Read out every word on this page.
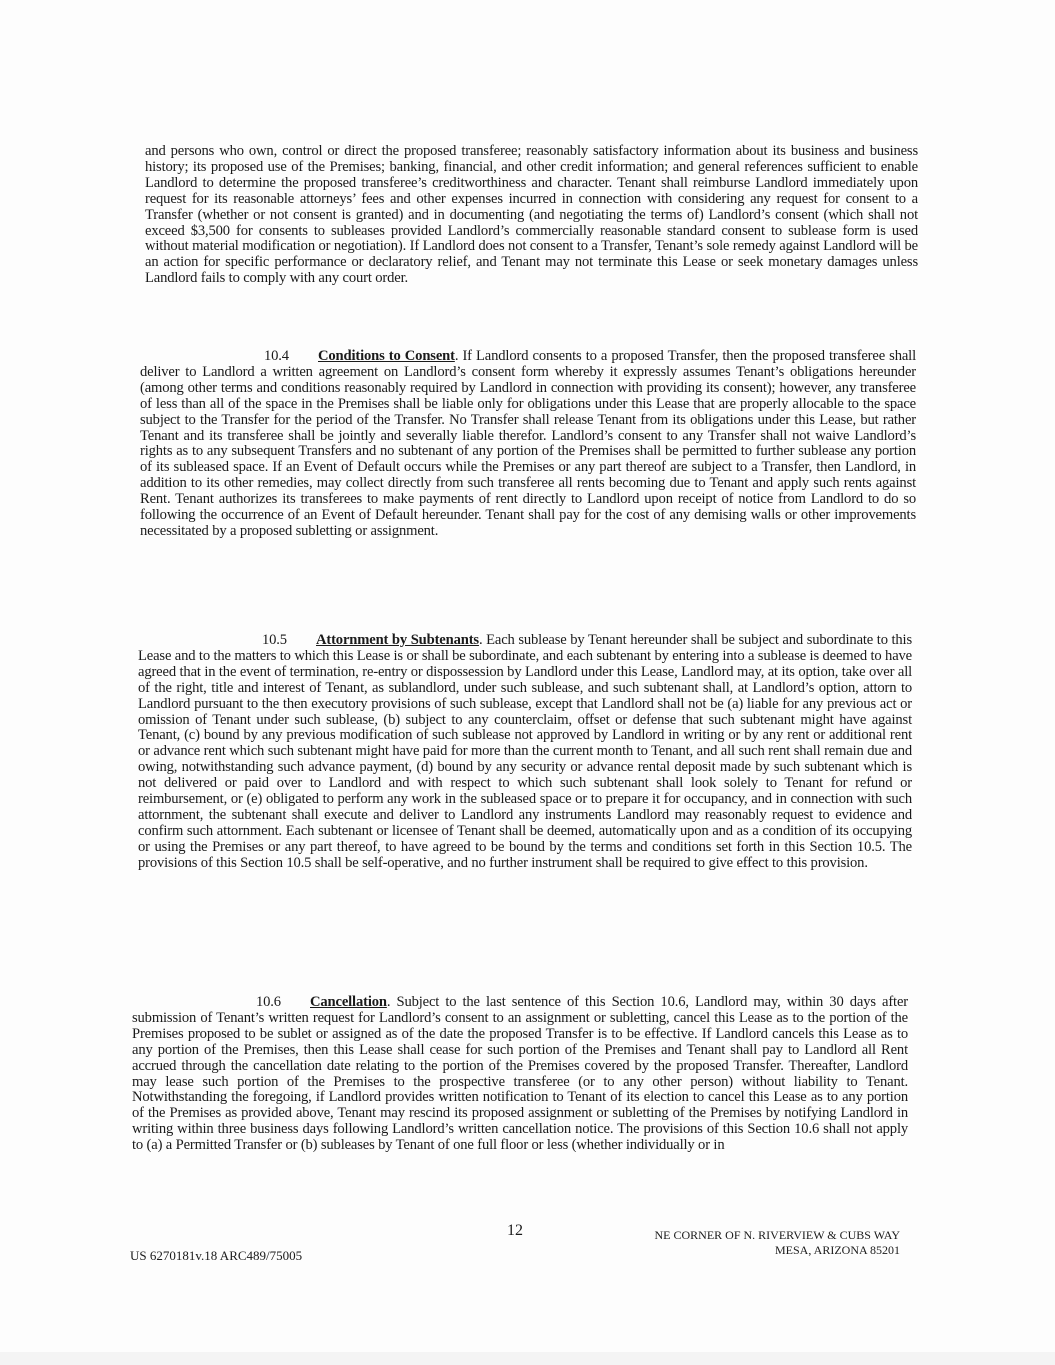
and persons who own, control or direct the proposed transferee; reasonably satisfactory information about its business and business history; its proposed use of the Premises; banking, financial, and other credit information; and general references sufficient to enable Landlord to determine the proposed transferee’s creditworthiness and character. Tenant shall reimburse Landlord immediately upon request for its reasonable attorneys’ fees and other expenses incurred in connection with considering any request for consent to a Transfer (whether or not consent is granted) and in documenting (and negotiating the terms of) Landlord’s consent (which shall not exceed $3,500 for consents to subleases provided Landlord’s commercially reasonable standard consent to sublease form is used without material modification or negotiation). If Landlord does not consent to a Transfer, Tenant’s sole remedy against Landlord will be an action for specific performance or declaratory relief, and Tenant may not terminate this Lease or seek monetary damages unless Landlord fails to comply with any court order.
10.4 Conditions to Consent. If Landlord consents to a proposed Transfer, then the proposed transferee shall deliver to Landlord a written agreement on Landlord’s consent form whereby it expressly assumes Tenant’s obligations hereunder (among other terms and conditions reasonably required by Landlord in connection with providing its consent); however, any transferee of less than all of the space in the Premises shall be liable only for obligations under this Lease that are properly allocable to the space subject to the Transfer for the period of the Transfer. No Transfer shall release Tenant from its obligations under this Lease, but rather Tenant and its transferee shall be jointly and severally liable therefor. Landlord’s consent to any Transfer shall not waive Landlord’s rights as to any subsequent Transfers and no subtenant of any portion of the Premises shall be permitted to further sublease any portion of its subleased space. If an Event of Default occurs while the Premises or any part thereof are subject to a Transfer, then Landlord, in addition to its other remedies, may collect directly from such transferee all rents becoming due to Tenant and apply such rents against Rent. Tenant authorizes its transferees to make payments of rent directly to Landlord upon receipt of notice from Landlord to do so following the occurrence of an Event of Default hereunder. Tenant shall pay for the cost of any demising walls or other improvements necessitated by a proposed subletting or assignment.
10.5 Attornment by Subtenants. Each sublease by Tenant hereunder shall be subject and subordinate to this Lease and to the matters to which this Lease is or shall be subordinate, and each subtenant by entering into a sublease is deemed to have agreed that in the event of termination, re-entry or dispossession by Landlord under this Lease, Landlord may, at its option, take over all of the right, title and interest of Tenant, as sublandlord, under such sublease, and such subtenant shall, at Landlord’s option, attorn to Landlord pursuant to the then executory provisions of such sublease, except that Landlord shall not be (a) liable for any previous act or omission of Tenant under such sublease, (b) subject to any counterclaim, offset or defense that such subtenant might have against Tenant, (c) bound by any previous modification of such sublease not approved by Landlord in writing or by any rent or additional rent or advance rent which such subtenant might have paid for more than the current month to Tenant, and all such rent shall remain due and owing, notwithstanding such advance payment, (d) bound by any security or advance rental deposit made by such subtenant which is not delivered or paid over to Landlord and with respect to which such subtenant shall look solely to Tenant for refund or reimbursement, or (e) obligated to perform any work in the subleased space or to prepare it for occupancy, and in connection with such attornment, the subtenant shall execute and deliver to Landlord any instruments Landlord may reasonably request to evidence and confirm such attornment. Each subtenant or licensee of Tenant shall be deemed, automatically upon and as a condition of its occupying or using the Premises or any part thereof, to have agreed to be bound by the terms and conditions set forth in this Section 10.5. The provisions of this Section 10.5 shall be self-operative, and no further instrument shall be required to give effect to this provision.
10.6 Cancellation. Subject to the last sentence of this Section 10.6, Landlord may, within 30 days after submission of Tenant’s written request for Landlord’s consent to an assignment or subletting, cancel this Lease as to the portion of the Premises proposed to be sublet or assigned as of the date the proposed Transfer is to be effective. If Landlord cancels this Lease as to any portion of the Premises, then this Lease shall cease for such portion of the Premises and Tenant shall pay to Landlord all Rent accrued through the cancellation date relating to the portion of the Premises covered by the proposed Transfer. Thereafter, Landlord may lease such portion of the Premises to the prospective transferee (or to any other person) without liability to Tenant. Notwithstanding the foregoing, if Landlord provides written notification to Tenant of its election to cancel this Lease as to any portion of the Premises as provided above, Tenant may rescind its proposed assignment or subletting of the Premises by notifying Landlord in writing within three business days following Landlord’s written cancellation notice. The provisions of this Section 10.6 shall not apply to (a) a Permitted Transfer or (b) subleases by Tenant of one full floor or less (whether individually or in
12	NE CORNER OF N. RIVERVIEW & CUBS WAY
MESA, ARIZONA 85201
US 6270181v.18 ARC489/75005
